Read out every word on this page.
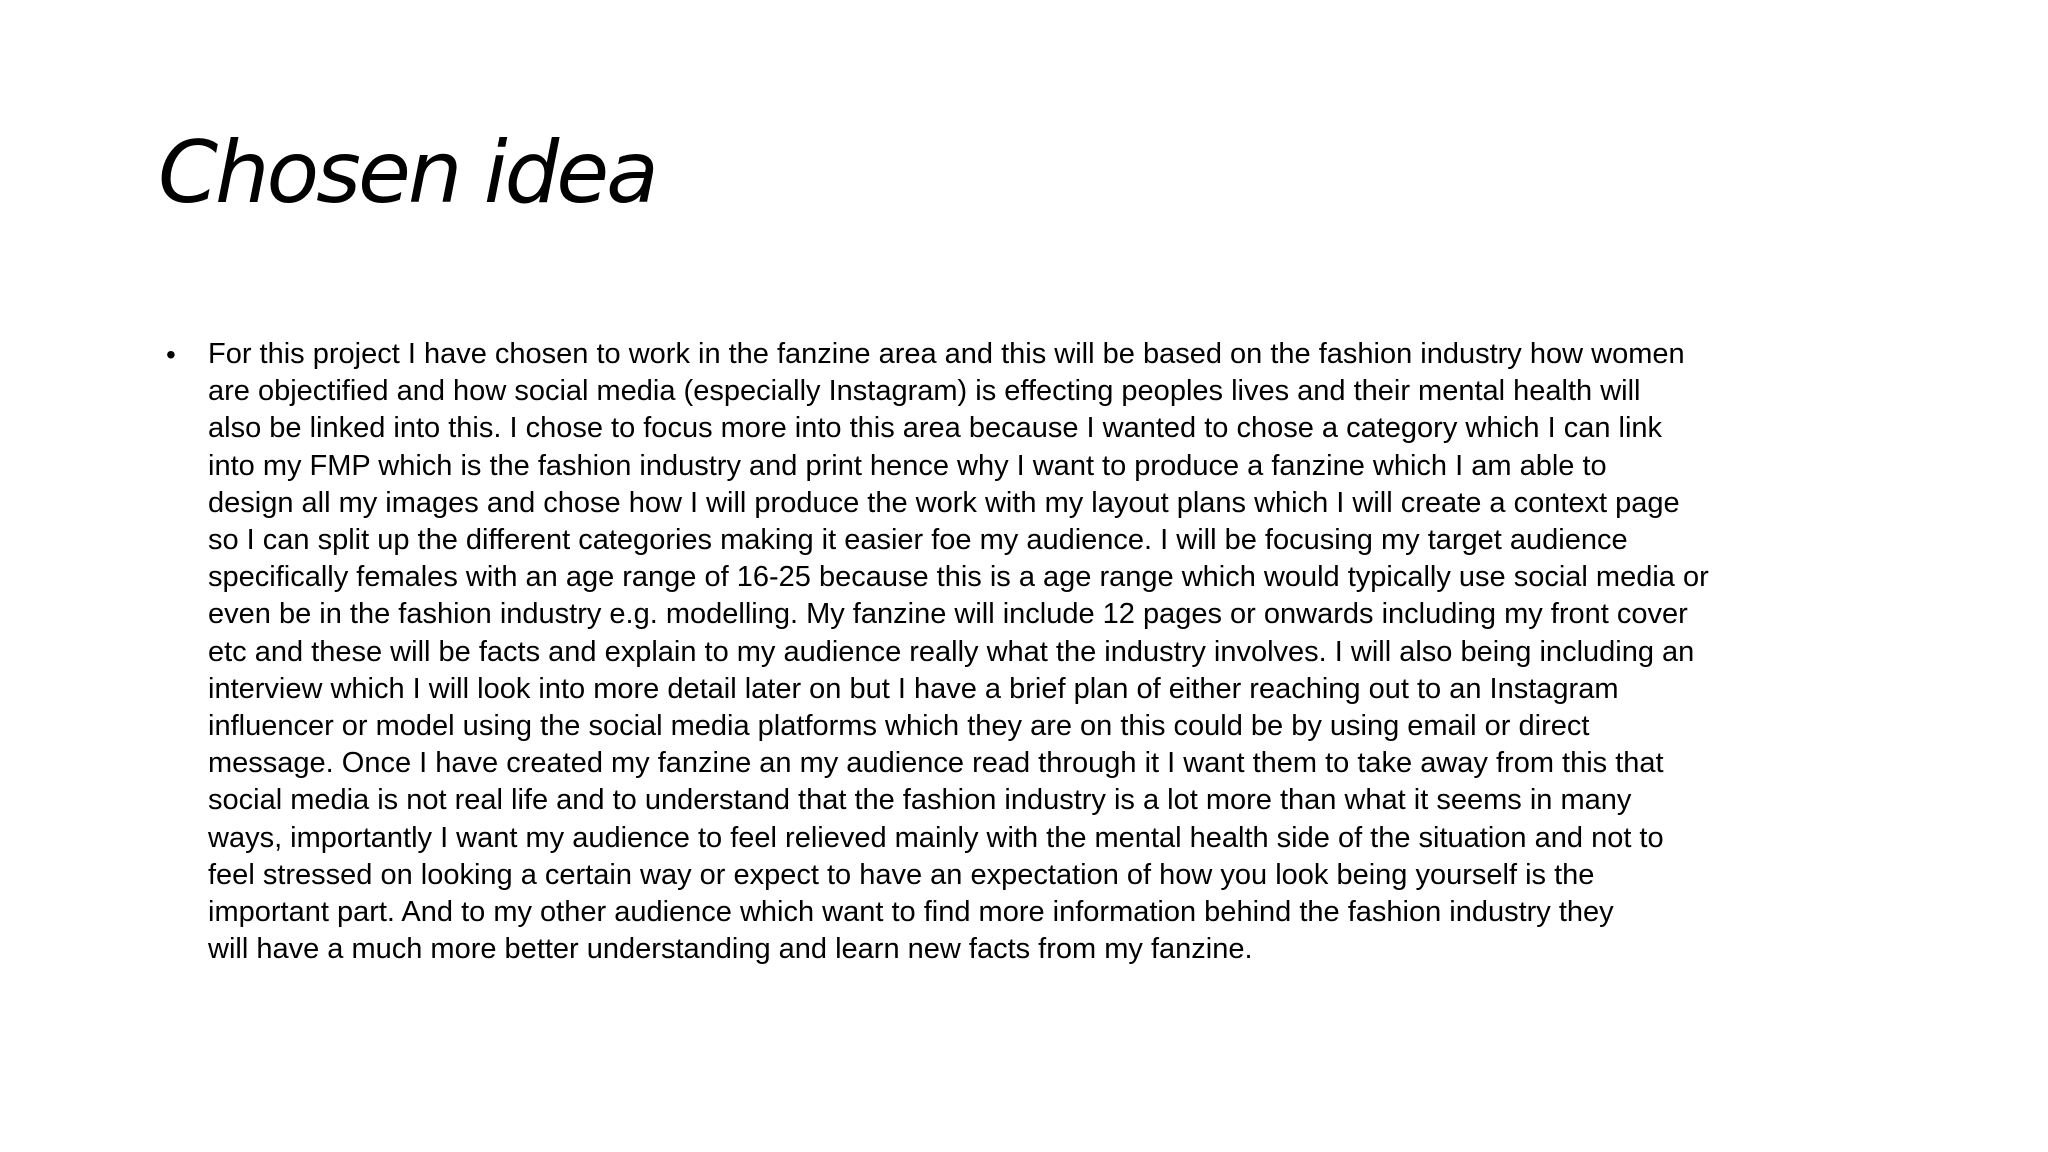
Chosen idea
• For this project I have chosen to work in the fanzine area and this will be based on the fashion industry how women
are objectified and how social media (especially Instagram) is effecting peoples lives and their mental health will
also be linked into this. I chose to focus more into this area because I wanted to chose a category which I can link
into my FMP which is the fashion industry and print hence why I want to produce a fanzine which I am able to
design all my images and chose how I will produce the work with my layout plans which I will create a context page
so I can split up the different categories making it easier foe my audience. I will be focusing my target audience
specifically females with an age range of 16-25 because this is a age range which would typically use social media or
even be in the fashion industry e.g. modelling. My fanzine will include 12 pages or onwards including my front cover
etc and these will be facts and explain to my audience really what the industry involves. I will also being including an
interview which I will look into more detail later on but I have a brief plan of either reaching out to an Instagram
influencer or model using the social media platforms which they are on this could be by using email or direct
message. Once I have created my fanzine an my audience read through it I want them to take away from this that
social media is not real life and to understand that the fashion industry is a lot more than what it seems in many
ways, importantly I want my audience to feel relieved mainly with the mental health side of the situation and not to
feel stressed on looking a certain way or expect to have an expectation of how you look being yourself is the
important part. And to my other audience which want to find more information behind the fashion industry they
will have a much more better understanding and learn new facts from my fanzine.
